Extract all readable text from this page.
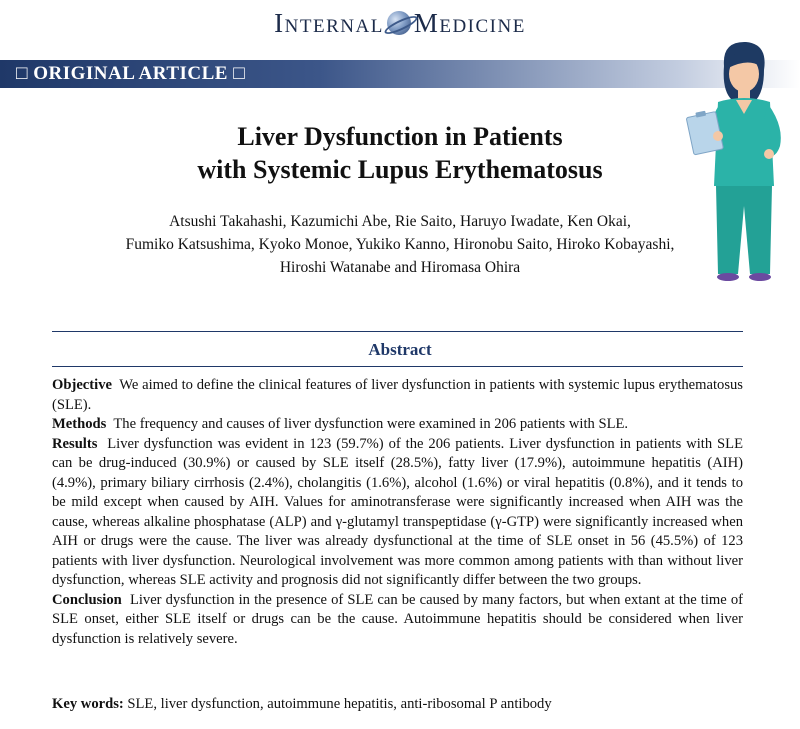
Internal Medicine
□ ORIGINAL ARTICLE □
Liver Dysfunction in Patients
with Systemic Lupus Erythematosus
Atsushi Takahashi, Kazumichi Abe, Rie Saito, Haruyo Iwadate, Ken Okai,
Fumiko Katsushima, Kyoko Monoe, Yukiko Kanno, Hironobu Saito, Hiroko Kobayashi,
Hiroshi Watanabe and Hiromasa Ohira
Abstract

Objective We aimed to define the clinical features of liver dysfunction in patients with systemic lupus erythematosus (SLE).

Methods The frequency and causes of liver dysfunction were examined in 206 patients with SLE.

Results Liver dysfunction was evident in 123 (59.7%) of the 206 patients. Liver dysfunction in patients with SLE can be drug-induced (30.9%) or caused by SLE itself (28.5%), fatty liver (17.9%), autoimmune hepatitis (AIH) (4.9%), primary biliary cirrhosis (2.4%), cholangitis (1.6%), alcohol (1.6%) or viral hepatitis (0.8%), and it tends to be mild except when caused by AIH. Values for aminotransferase were significantly increased when AIH was the cause, whereas alkaline phosphatase (ALP) and γ-glutamyl transpeptidase (γ-GTP) were significantly increased when AIH or drugs were the cause. The liver was already dysfunctional at the time of SLE onset in 56 (45.5%) of 123 patients with liver dysfunction. Neurological involvement was more common among patients with than without liver dysfunction, whereas SLE activity and prognosis did not significantly differ between the two groups.

Conclusion Liver dysfunction in the presence of SLE can be caused by many factors, but when extant at the time of SLE onset, either SLE itself or drugs can be the cause. Autoimmune hepatitis should be considered when liver dysfunction is relatively severe.

Key words: SLE, liver dysfunction, autoimmune hepatitis, anti-ribosomal P antibody
